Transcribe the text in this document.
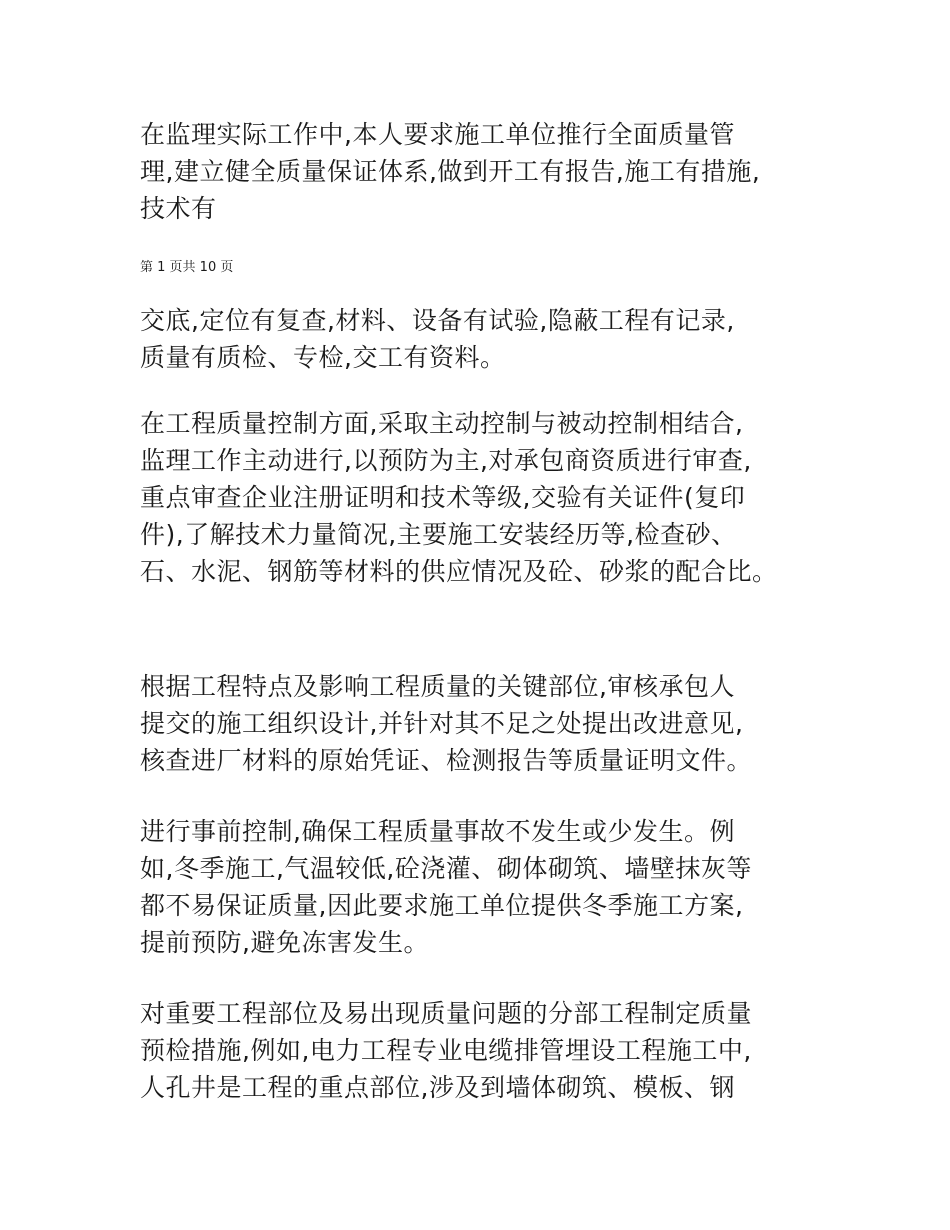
在监理实际工作中,本人要求施工单位推行全面质量管
理,建立健全质量保证体系,做到开工有报告,施工有措施,
技术有

第 1 页共 10 页

交底,定位有复查,材料、设备有试验,隐蔽工程有记录,
质量有质检、专检,交工有资料。

在工程质量控制方面,采取主动控制与被动控制相结合,
监理工作主动进行,以预防为主,对承包商资质进行审查,
重点审查企业注册证明和技术等级,交验有关证件(复印
件),了解技术力量简况,主要施工安装经历等,检查砂、
石、水泥、钢筋等材料的供应情况及砼、砂浆的配合比。

根据工程特点及影响工程质量的关键部位,审核承包人
提交的施工组织设计,并针对其不足之处提出改进意见,
核查进厂材料的原始凭证、检测报告等质量证明文件。

进行事前控制,确保工程质量事故不发生或少发生。例
如,冬季施工,气温较低,砼浇灌、砌体砌筑、墙壁抹灰等
都不易保证质量,因此要求施工单位提供冬季施工方案,
提前预防,避免冻害发生。

对重要工程部位及易出现质量问题的分部工程制定质量
预检措施,例如,电力工程专业电缆排管埋设工程施工中,
人孔井是工程的重点部位,涉及到墙体砌筑、模板、钢
